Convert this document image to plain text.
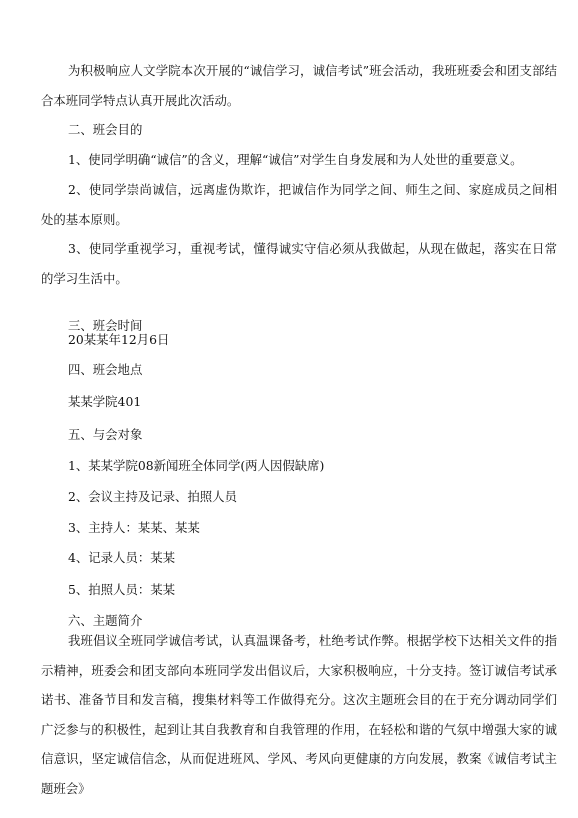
为积极响应人文学院本次开展的“诚信学习，诚信考试”班会活动，我班班委会和团支部结合本班同学特点认真开展此次活动。

二、班会目的

1、使同学明确“诚信”的含义，理解“诚信”对学生自身发展和为人处世的重要意义。

2、使同学崇尚诚信，远离虚伪欺诈，把诚信作为同学之间、师生之间、家庭成员之间相处的基本原则。

3、使同学重视学习，重视考试，懂得诚实守信必须从我做起，从现在做起，落实在日常的学习生活中。

三、班会时间

20某某年12月6日

四、班会地点

某某学院401

五、与会对象

1、某某学院08新闻班全体同学(两人因假缺席)

2、会议主持及记录、拍照人员

3、主持人：某某、某某

4、记录人员：某某

5、拍照人员：某某

六、主题简介

我班倡议全班同学诚信考试，认真温课备考，杜绝考试作弊。根据学校下达相关文件的指示精神，班委会和团支部向本班同学发出倡议后，大家积极响应，十分支持。签订诚信考试承诺书、准备节目和发言稿，搜集材料等工作做得充分。这次主题班会目的在于充分调动同学们广泛参与的积极性，起到让其自我教育和自我管理的作用，在轻松和谐的气氛中增强大家的诚信意识，坚定诚信信念，从而促进班风、学风、考风向更健康的方向发展，教案《诚信考试主题班会》
